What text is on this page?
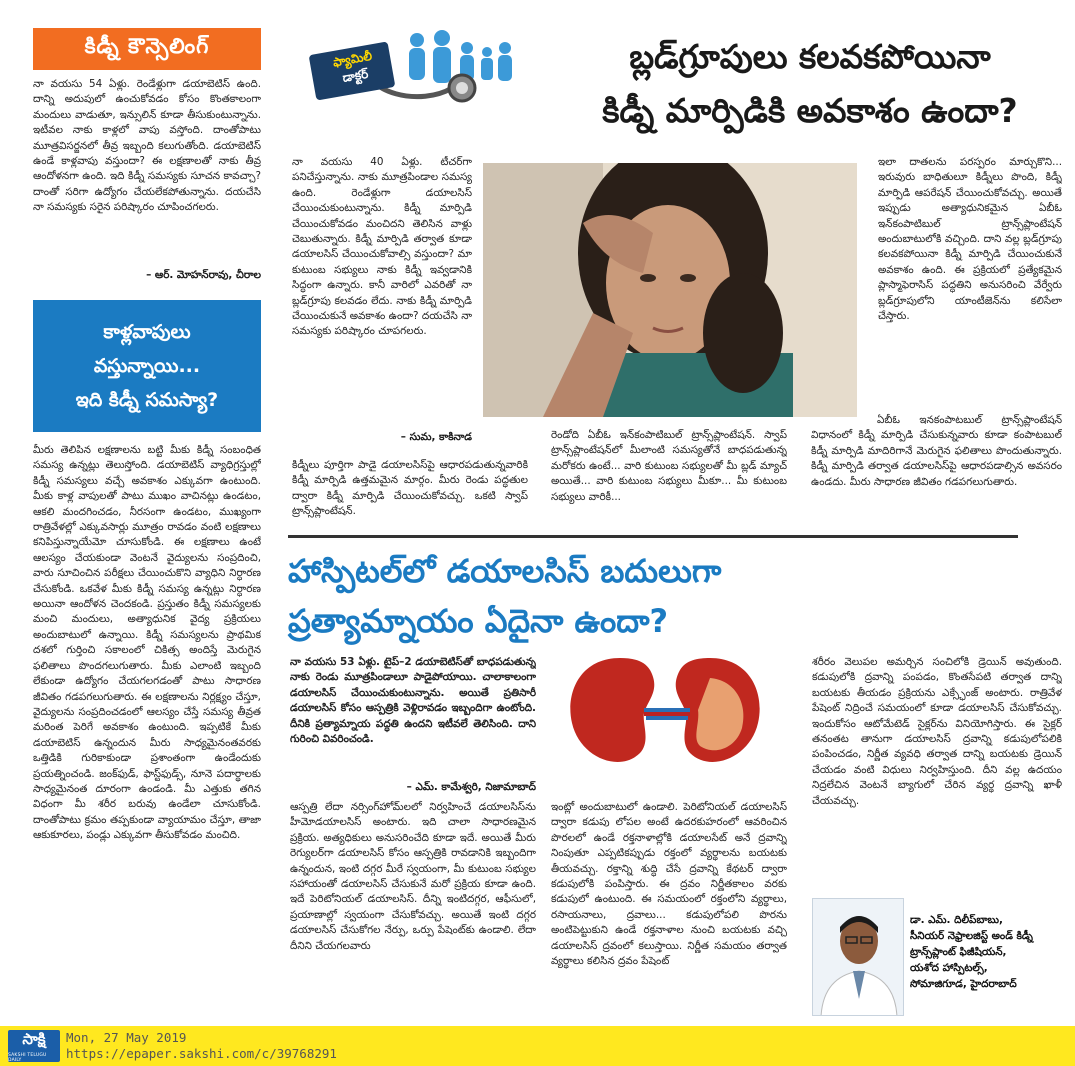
కిడ్నీ కౌన్సెలింగ్
నా వయసు 54 ఏళ్లు. రెండేళ్లుగా డయాబెటిస్‌ ఉంది. దాన్ని అదుపులో ఉంచుకోవడం కోసం కొంతకాలంగా మందులు వాడుతూ, ఇన్సులిన్‌ కూడా తీసుకుంటున్నాను. ఇటీవల నాకు కాళ్లలో వాపు వస్తోంది. దాంతోపాటు మూత్రవిసర్జనలో తీవ్ర ఇబ్బంది కలుగుతోంది. డయాబెటిస్‌ ఉండే కాళ్లవాపు వస్తుందా? ఈ లక్షణాలతో నాకు తీవ్ర ఆందోళనగా ఉంది. ఇది కిడ్నీ సమస్యకు సూచన కావచ్చా? దాంతో సరిగా ఉద్యోగం చేయలేకపోతున్నాను. దయచేసి నా సమస్యకు సరైన పరిష్కారం చూపించగలరు.
– ఆర్‌. మోహన్‌రావు, చీరాల
కాళ్లవాపులు
వస్తున్నాయి...
ఇది కిడ్నీ సమస్యా?
మీరు తెలిపిన లక్షణాలను బట్టి మీకు కిడ్నీ సంబంధిత సమస్య ఉన్నట్లు తెలుస్తోంది. డయాబెటిస్‌ వ్యాధిగ్రస్తుల్లో కిడ్నీ సమస్యలు వచ్చే అవకాశం ఎక్కువగా ఉంటుంది. మీకు కాళ్ల వాపులతో పాటు ముఖం వాచినట్లు ఉండటం, ఆకలి మందగించడం, నీరసంగా ఉండటం, ముఖ్యంగా రాత్రివేళల్లో ఎక్కువసార్లు మూత్రం రావడం వంటి లక్షణాలు కనిపిస్తున్నాయేమో చూసుకోండి. ఈ లక్షణాలు ఉంటే ఆలస్యం చేయకుండా వెంటనే వైద్యులను సంప్రదించి, వారు సూచించిన పరీక్షలు చేయించుకొని వ్యాధిని నిర్ధారణ చేసుకోండి. ఒకవేళ మీకు కిడ్నీ సమస్య ఉన్నట్లు నిర్ధారణ అయినా ఆందోళన చెందకండి. ప్రస్తుతం కిడ్నీ సమస్యలకు మంచి మందులు, అత్యాధునిక వైద్య ప్రక్రియలు అందుబాటులో ఉన్నాయి. కిడ్నీ సమస్యలను ప్రాథమిక దశలో గుర్తించి సకాలంలో చికిత్స అందిస్తే మెరుగైన ఫలితాలు పొందగలుగుతారు. మీకు ఎలాంటి ఇబ్బంది లేకుండా ఉద్యోగం చేయగలగడంతో పాటు సాధారణ జీవితం గడపగలుగుతారు. ఈ లక్షణాలను నిర్లక్ష్యం చేస్తూ, వైద్యులను సంప్రదించడంలో ఆలస్యం చేస్తే సమస్య తీవ్రత మరింత పెరిగే అవకాశం ఉంటుంది. ఇప్పటికే మీకు డయాబెటిస్‌ ఉన్నందున మీరు సాధ్యమైనంతవరకు ఒత్తిడికి గురికాకుండా ప్రశాంతంగా ఉండేందుకు ప్రయత్నించండి. జంక్‌ఫుడ్, ఫాస్ట్‌ఫుడ్స్, నూనె పదార్థాలకు సాధ్యమైనంత దూరంగా ఉండండి. మీ ఎత్తుకు తగిన విధంగా మీ శరీర బరువు ఉండేలా చూసుకోండి. దాంతోపాటు క్రమం తప్పకుండా వ్యాయామం చేస్తూ, తాజా ఆకుకూరలు, పండ్లు ఎక్కువగా తీసుకోవడం మంచిది.
ఫ్యామిలీ
డాక్టర్	బ్లడ్‌గ్రూపులు కలవకపోయినా
కిడ్నీ మార్పిడికి అవకాశం ఉందా?
నా వయసు 40 ఏళ్లు. టీచర్‌గా పనిచేస్తున్నాను. నాకు మూత్రపిండాల సమస్య ఉంది. రెండేళ్లుగా డయాలసిస్‌ చేయించుకుంటున్నాను. కిడ్నీ మార్పిడి చేయించుకోవడం మంచిదని తెలిసిన వాళ్లు చెబుతున్నారు. కిడ్నీ మార్పిడి తర్వాత కూడా డయాలసిస్‌ చేయించుకోవాల్సి వస్తుందా? మా కుటుంబ సభ్యులు నాకు కిడ్నీ ఇవ్వడానికి సిద్ధంగా ఉన్నారు. కానీ వారిలో ఎవరితో నా బ్లడ్‌గ్రూపు కలవడం లేదు. నాకు కిడ్నీ మార్పిడి చేయించుకునే అవకాశం ఉందా? దయచేసి నా సమస్యకు పరిష్కారం చూపగలరు.
– సుమ, కాకినాడ
కిడ్నీలు పూర్తిగా పాడై డయాలసిస్‌పై ఆధారపడుతున్నవారికి కిడ్నీ మార్పిడి ఉత్తమమైన మార్గం. మీరు రెండు పద్ధతుల ద్వారా కిడ్నీ మార్పిడి చేయించుకోవచ్చు. ఒకటి స్వాప్‌ ట్రాన్స్‌ప్లాంటేషన్.
రెండోది ఏబీఓ ఇన్‌కంపాటిబుల్‌ ట్రాన్స్‌ప్లాంటేషన్‌. స్వాప్‌ ట్రాన్స్‌ప్లాంటేషన్‌లో మీలాంటి సమస్యతోనే బాధపడుతున్న మరోకరు ఉంటే... వారి కుటుంబ సభ్యులతో మీ బ్లడ్‌ మ్యాచ్‌ అయితే... వారి కుటుంబ సభ్యులు మీకూ... మీ కుటుంబ సభ్యులు వారికీ...
ఇలా దాతలను పరస్పరం మార్చుకొని... ఇరువురు బాధితులూ కిడ్నీలు పొంది, కిడ్నీ మార్పిడి ఆపరేషన్‌ చేయించుకోవచ్చు. అయితే ఇప్పుడు అత్యాధునికమైన ఏబీఓ ఇన్‌కంపాటిబుల్‌ ట్రాన్స్‌ప్లాంటేషన్‌ అందుబాటులోకి వచ్చింది. దాని వల్ల బ్లడ్‌గ్రూపు కలవకపోయినా కిడ్నీ మార్పిడి చేయించుకునే అవకాశం ఉంది. ఈ ప్రక్రియలో ప్రత్యేకమైన ప్లాస్మాఫెరాసిస్‌ పద్ధతిని అనుసరించి వేర్వేరు బ్లడ్‌గ్రూపులోని యాంటీజెన్‌ను కలిసేలా చేస్తారు.
ఏబీఓ ఇనకంపాటబుల్‌ ట్రాన్స్‌ప్లాంటేషన్‌ విధానంలో కిడ్నీ మార్పిడి చేసుకున్నవారు కూడా కంపాటబుల్‌ కిడ్నీ మార్పిడి మాదిరిగానే మెరుగైన ఫలితాలు పొందుతున్నారు. కిడ్నీ మార్పిడి తర్వాత డయాలసిస్‌పై ఆధారపడాల్సిన అవసరం ఉండదు. మీరు సాధారణ జీవితం గడపగలుగుతారు.
హాస్పిటల్‌లో డయాలసిస్‌ బదులుగా
ప్రత్యామ్నాయం ఏదైనా ఉందా?
నా వయసు 53 ఏళ్లు. టైప్‌–2 డయాబెటిస్‌తో బాధపడుతున్న నాకు రెండు మూత్రపిండాలూ పాడైపోయాయి. చాలాకాలంగా డయాలసిస్‌ చేయించుకుంటున్నాను. అయితే ప్రతిసారీ డయాలసిస్‌ కోసం ఆస్పత్రికి వెళ్లిరావడం ఇబ్బందిగా ఉంటోంది. దీనికి ప్రత్యామ్నాయ పద్ధతి ఉందని ఇటీవలే తెలిసింది. దాని గురించి వివరించండి.
– ఎమ్‌. కామేశ్వరి, నిజామాబాద్‌
ఆస్పత్రి లేదా నర్సింగ్‌హోమ్‌లలో నిర్వహించే డయాలసిస్‌ను హీమోడయాలసిస్‌ అంటారు. ఇది చాలా సాధారణమైన ప్రక్రియ. అత్యధికులు అనుసరించేది కూడా ఇదే. అయితే మీరు రెగ్యులర్‌గా డయాలసిస్‌ కోసం ఆస్పత్రికి రావడానికి ఇబ్బందిగా ఉన్నందున, ఇంటి దగ్గర మీరే స్వయంగా, మీ కుటుంబ సభ్యుల సహాయంతో డయాలసిస్‌ చేసుకునే మరో ప్రక్రియ కూడా ఉంది. ఇదే పెరిటోనియల్‌ డయాలసిస్‌. దీన్ని ఇంటిదగ్గర, ఆఫీసులో, ప్రయాణాల్లో స్వయంగా చేసుకోవచ్చు. అయితే ఇంటి దగ్గర డయాలసిస్‌ చేసుకోగల నేర్పు, ఒర్పు పేషెంట్‌కు ఉండాలి. లేదా దీనిని చేయగలవారు
ఇంట్లో అందుబాటులో ఉండాలి. పెరిటోనియల్‌ డయాలసిస్‌ ద్వారా కడుపు లోపల అంటే ఉదరకుహరంలో ఆవరించిన పొరలలో ఉండే రక్తనాళాల్లోకి డయాలసేట్‌ అనే ద్రవాన్ని నింపుతూ ఎప్పటికప్పుడు రక్తంలో వ్యర్థాలను బయటకు తీయవచ్చు. రక్తాన్ని శుద్ధి చేసే ద్రవాన్ని కేథటర్‌ ద్వారా కడుపులోకి పంపిస్తారు. ఈ ద్రవం నిర్ణీతకాలం వరకు కడుపులో ఉంటుంది. ఈ సమయంలో రక్తంలోని వ్యర్థాలు, రసాయనాలు, ద్రవాలు... కడుపులోపలి పొరను అంటిపెట్టుకుని ఉండే రక్తనాళాల నుంచి బయటకు వచ్చి డయాలసిస్‌ ద్రవంలో కలుస్తాయి. నిర్ణీత సమయం తర్వాత వ్యర్థాలు కలిసిన ద్రవం పేషెంట్‌
శరీరం వెలుపల అమర్చిన సంచిలోకి డ్రెయిన్‌ అవుతుంది. కడుపులోకి ద్రవాన్ని పంపడం, కొంతసేపటి తర్వాత దాన్ని బయటకు తీయడం ప్రక్రియను ఎక్స్ఛేంజ్‌ అంటారు. రాత్రివేళ పేషెంట్‌ నిద్రించే సమయంలో కూడా డయాలసిస్‌ చేసుకోవచ్చు. ఇందుకోసం ఆటోమేటెడ్‌ సైక్లర్‌ను వినియోగిస్తారు. ఈ సైక్లర్‌ తనంతట తానుగా డయాలసిస్‌ ద్రవాన్ని కడుపులోపలికి పంపించడం, నిర్ణీత వ్యవధి తర్వాత దాన్ని బయటకు డ్రెయిన్‌ చేయడం వంటి విధులు నిర్వహిస్తుంది. దీని వల్ల ఉదయం నిద్రలేచిన వెంటనే బ్యాగులో చేరిన వ్యర్థ ద్రవాన్ని ఖాళీ చేయవచ్చు.
డా. ఎమ్‌. దిలీప్‌బాబు,
సీనియర్‌ నెఫ్రాలజిస్ట్‌ అండ్‌ కిడ్నీ
ట్రాన్స్‌ప్లాంట్‌ ఫిజీషియన్,
యశోద హాస్పిటల్స్,
సోమాజిగూడ, హైదరాబాద్‌
సాక్షి
SAKSHI TELUGU DAILY
Mon, 27 May 2019
https://epaper.sakshi.com/c/39768291
